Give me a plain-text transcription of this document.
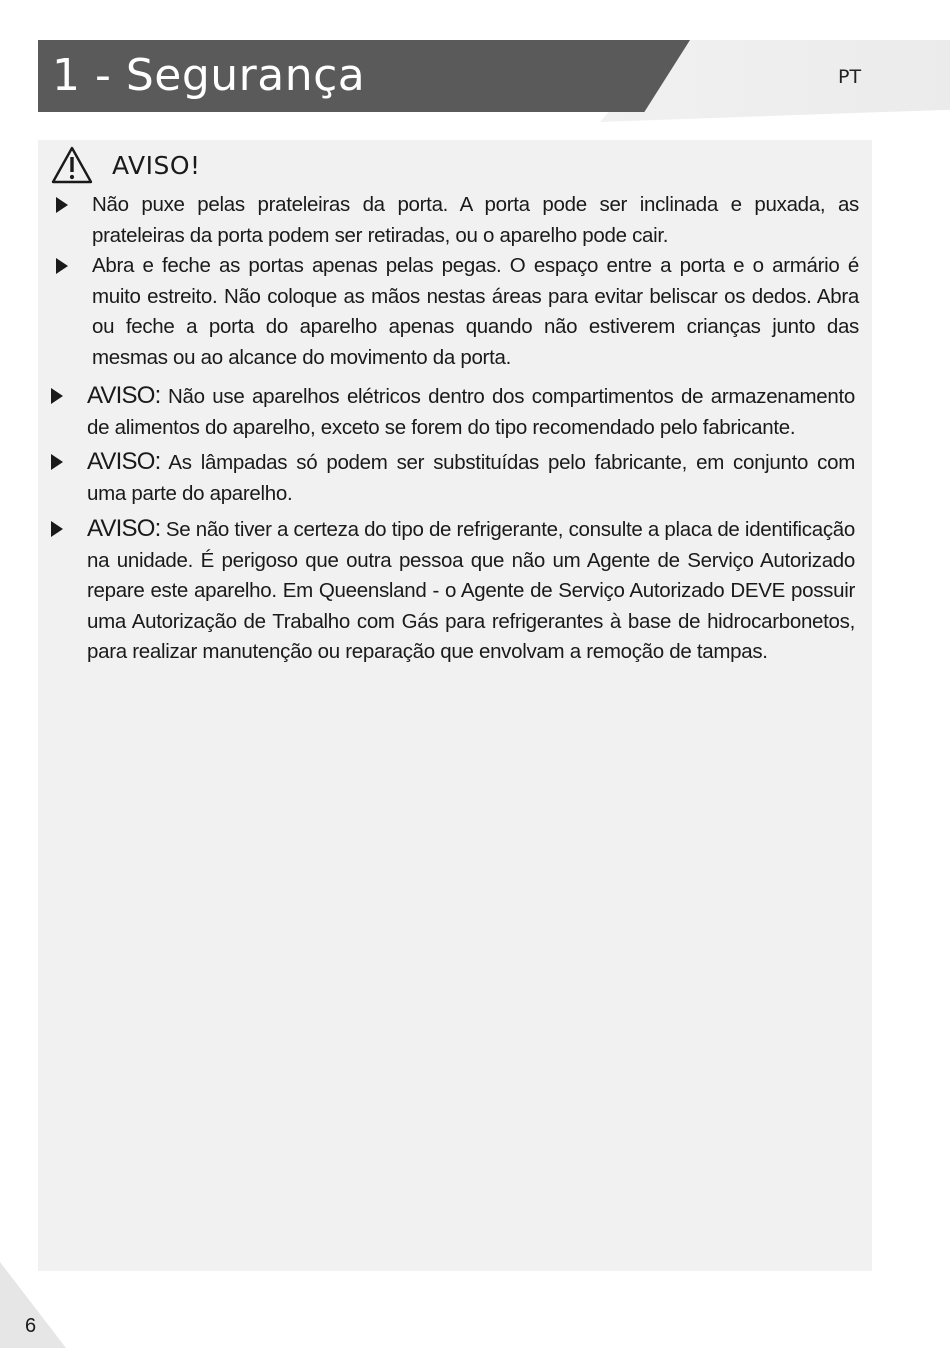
1 - Segurança	PT
AVISO!
Não puxe pelas prateleiras da porta. A porta pode ser inclinada e puxada, as prateleiras da porta podem ser retiradas, ou o aparelho pode cair.
Abra e feche as portas apenas pelas pegas. O espaço entre a porta e o armário é muito estreito. Não coloque as mãos nestas áreas para evitar beliscar os dedos. Abra ou feche a porta do aparelho apenas quando não estiverem crianças junto das mesmas ou ao alcance do movimento da porta.
AVISO: Não use aparelhos elétricos dentro dos compartimentos de armazenamento de alimentos do aparelho, exceto se forem do tipo recomendado pelo fabricante.
AVISO: As lâmpadas só podem ser substituídas pelo fabricante, em conjunto com uma parte do aparelho.
AVISO: Se não tiver a certeza do tipo de refrigerante, consulte a placa de identificação na unidade. É perigoso que outra pessoa que não um Agente de Serviço Autorizado repare este aparelho. Em Queensland - o Agente de Serviço Autorizado DEVE possuir uma Autorização de Trabalho com Gás para refrigerantes à base de hidrocarbonetos, para realizar manutenção ou reparação que envolvam a remoção de tampas.
6
